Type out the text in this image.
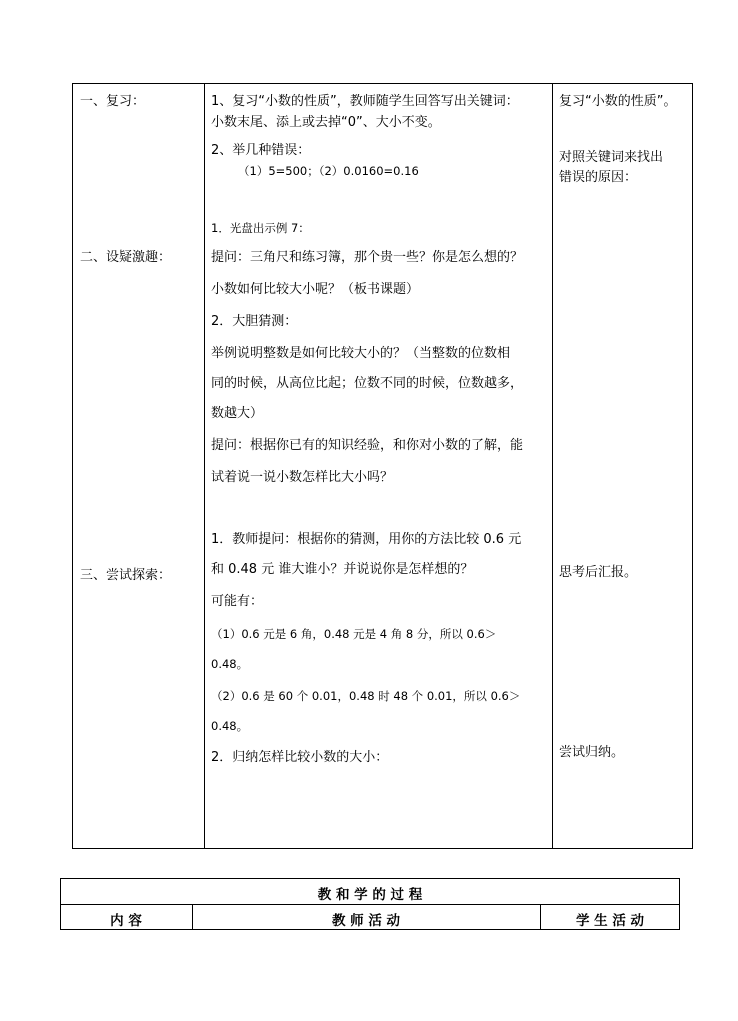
一、复习：
二、设疑激趣：
三、尝试探索：
1、复习“小数的性质”，教师随学生回答写出关键词：
小数末尾、添上或去掉“0”、大小不变。
2、举几种错误：
（1）5=500；（2）0.0160=0.16
1．光盘出示例 7：
提问：三角尺和练习簿，那个贵一些？你是怎么想的？
小数如何比较大小呢？（板书课题）
2．大胆猜测：
举例说明整数是如何比较大小的？（当整数的位数相
同的时候，从高位比起；位数不同的时候，位数越多，
数越大）
提问：根据你已有的知识经验，和你对小数的了解，能
试着说一说小数怎样比大小吗？
1．教师提问：根据你的猜测，用你的方法比较 0.6 元
和 0.48 元 谁大谁小？并说说你是怎样想的？
可能有：
（1）0.6 元是 6 角，0.48 元是 4 角 8 分，所以 0.6＞
0.48。
（2）0.6 是 60 个 0.01，0.48 时 48 个 0.01，所以 0.6＞
0.48。
2．归纳怎样比较小数的大小：
复习“小数的性质”。
对照关键词来找出
错误的原因：
思考后汇报。
尝试归纳。
教 和 学 的 过 程
内 容	教 师 活 动	学 生 活 动
